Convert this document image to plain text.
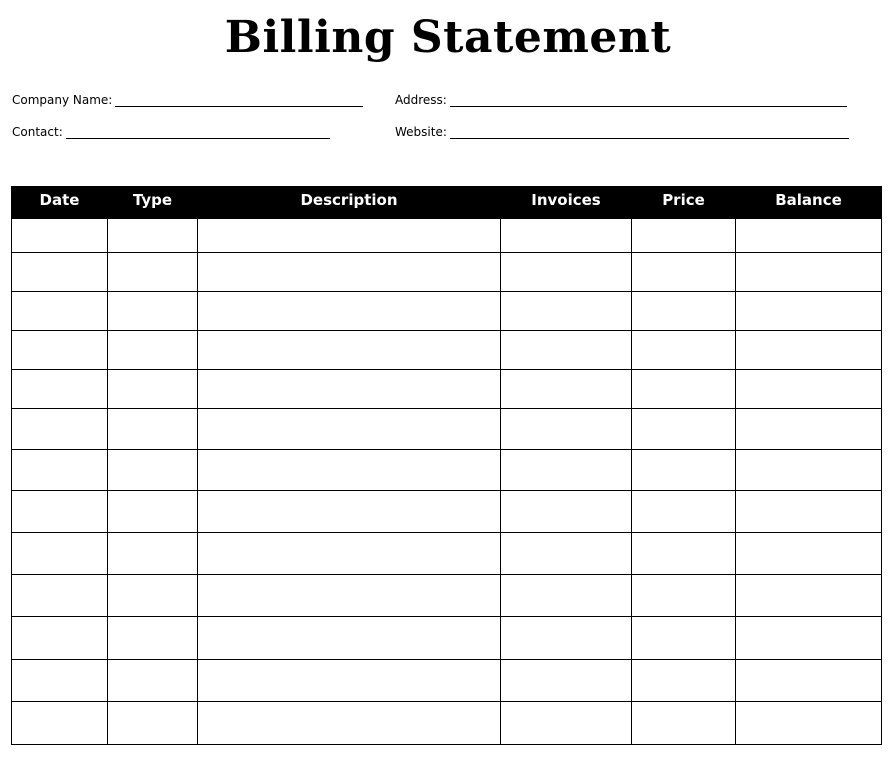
Billing Statement
Company Name:	Address:
Contact:	Website:
Date	Type	Description	Invoices	Price	Balance
